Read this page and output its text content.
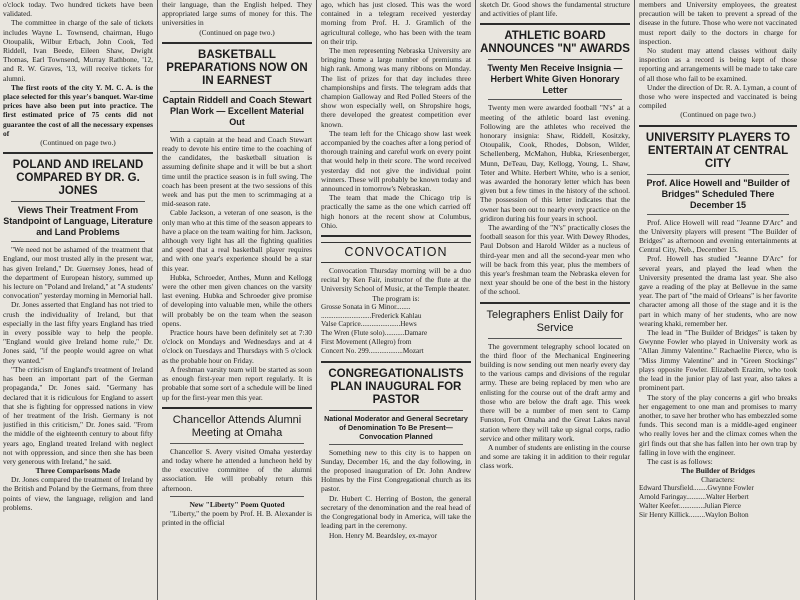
o'clock today. Two hundred tickets have been validated.

The committee in charge of the sale of tickets includes Wayne L. Townsend, chairman, Hugo Otoupalik, Wilbur Erbach, John Cook, Ted Riddell, Ivan Beede, Eileen Shaw, Dwight Thomas, Earl Townsend, Murray Rathbone, '12, and R. W. Graves, '13, will receive tickets for alumni.

The first roots of the city Y. M. C. A. is the place selected for this year's banquet. War-time prices have also been put into practice. The first estimated price of 75 cents did not guarantee the cost of all the necessary expenses of

(Continued on page two.)

POLAND AND IRELAND COMPARED BY DR. G. JONES
Views Their Treatment From Standpoint of Language, Literature and Land Problems

"We need not be ashamed of the treatment that England, our most trusted ally in the present war, has given Ireland," Dr. Guernsey Jones, head of the department of European history, summed up his lecture on "Poland and Ireland," at "A students' convocation" yesterday morning in Memorial hall.

Dr. Jones asserted that England has not tried to crush the individuality of Ireland, but that especially in the last fifty years England has tried in every possible way to help the people. "England would give Ireland home rule," Dr. Jones said, "if the people would agree on what they wanted."

"The criticism of England's treatment of Ireland has been an important part of the German propaganda," Dr. Jones said. "Germany has declared that it is ridiculous for England to assert that she is fighting for oppressed nations in view of her treatment of the Irish. Germany is not justified in this criticism," Dr. Jones said. "From the middle of the eighteenth century to about fifty years ago, England treated Ireland with neglect not with oppression, and since then she has been very generous with Ireland," he said.

Three Comparisons Made

Dr. Jones compared the treatment of Ireland by the British and Poland by the Germans, from three points of view, the language, religion and land problems.

their language, than the English helped. They appropriated large sums of money for this. The universities in

(Continued on page two.)

BASKETBALL PREPARATIONS NOW ON IN EARNEST
Captain Riddell and Coach Stewart Plan Work — Excellent Material Out

With a captain at the head and Coach Stewart ready to devote his entire time to the coaching of the candidates, the basketball situation is assuming definite shape and it will be but a short time until the practice season is in full swing. The coach has been present at the two sessions of this week and has put the men to scrimmaging at a mid-season rate.

Cable Jackson, a veteran of one season, is the only man who at this time of the season appears to have a place on the team waiting for him. Jackson, although very light has all the fighting qualities and speed that a real basketball player requires and with one year's experience should be a star this year.

Hubka, Schroeder, Anthes, Munn and Kellogg were the other men given chances on the varsity last evening. Hubka and Schroeder give promise of developing into valuable men, while the others will probably be on the team when the season opens.

Practice hours have been definitely set at 7:30 o'clock on Mondays and Wednesdays and at 4 o'clock on Tuesdays and Thursdays with 5 o'clock as the probable hour on Friday.

A freshman varsity team will be started as soon as enough first-year men report regularly. It is probable that some sort of a schedule will be lined up for the first-year men this year.

Chancellor Attends Alumni Meeting at Omaha

Chancellor S. Avery visited Omaha yesterday and today where he attended a luncheon held by the executive committee of the alumni association. He will probably return this afternoon.

New "Liberty" Poem Quoted

"Liberty," the poem by Prof. H. B. Alexander is printed in the official

ago, which has just closed. This was the word contained in a telegram received yesterday morning from Prof. H. J. Gramlich of the agricultural college, who has been with the team on their trip.

The men representing Nebraska University are bringing home a large number of premiums at high rank. Among was many ribbons on Monday. The list of prizes for that day includes three championships and firsts. The telegram adds that champion Galloway and Red Polled Steers of the show won especially well, on Shropshire hogs, there developed the greatest competition ever known.

The team left for the Chicago show last week accompanied by the coaches after a long period of thorough training and careful work on every point that would help in their score. The word received yesterday did not give the individual point winners. These will probably be known today and announced in tomorrow's Nebraskan.

The team that made the Chicago trip is practically the same as the one which carried off high honors at the recent show at Columbus, Ohio.

CONVOCATION

Convocation Thursday morning will be a duo recital by Ken Fair, instructor of the flute at the University School of Music, at the Temple theater.

The program is:
Grosse Sonata in G Minor........
............................Frederick Kahlau
Valse Caprice......................Hews
The Wren (Flute solo)...........Damare
First Movement (Allegro) from
Concert No. 299...................Mozart
CONGREGATIONALISTS PLAN INAUGURAL FOR PASTOR
National Moderator and General Secretary of Denomination To Be Present—Convocation Planned

Something new to this city is to happen on Sunday, December 16, and the day following, in the proposed inauguration of Dr. John Andrew Holmes by the First Congregational church as its pastor.

Dr. Hubert C. Herring of Boston, the general secretary of the denomination and the real head of the Congregational body in America, will take the leading part in the ceremony.

Hon. Henry M. Beardsley, ex-mayor

sketch Dr. Good shows the fundamental structure and activities of plant life.

ATHLETIC BOARD ANNOUNCES "N" AWARDS
Twenty Men Receive Insignia —Herbert White Given Honorary Letter

Twenty men were awarded football "N's" at a meeting of the athletic board last evening. Following are the athletes who received the honorary insignia: Shaw, Riddell, Kositzky, Otoupalik, Cook, Rhodes, Dobson, Wilder, Schellenberg, McMahon, Hubka, Kriesenberger, Munn, DeTeau, Day, Kellogg, Young, L. Shaw, Teter and White. Herbert White, who is a senior, was awarded the honorary letter which has been given but a few times in the history of the school. The possession of this letter indicates that the owner has been out to nearly every practice on the gridiron during his four years in school.

The awarding of the "N's" practically closes the football season for this year. With Dewey Rhodes, Paul Dobson and Harold Wilder as a nucleus of third-year men and all the second-year men who will be back from this year, plus the members of this year's freshman team the Nebraska eleven for next year should be one of the best in the history of the school.

Telegraphers Enlist Daily for Service

The government telegraphy school located on the third floor of the Mechanical Engineering building is now sending out men nearly every day to the various camps and divisions of the regular army. These are being replaced by men who are enlisting for the course out of the draft army and those who are below the draft age. This week there will be a number of men sent to Camp Funston, Fort Omaha and the Great Lakes naval station where they will take up signal corps, radio service and other military work.

A number of students are enlisting in the course and some are taking it in addition to their regular class work.

members and University employees, the greatest precaution will be taken to prevent a spread of the disease in the future. Those who were not vaccinated must report daily to the doctors in charge for inspection.

No student may attend classes without daily inspection as a record is being kept of those reporting and arrangements will be made to take care of all those who fail to be examined.

Under the direction of Dr. R. A. Lyman, a count of those who were inspected and vaccinated is being compiled

(Continued on page two.)

UNIVERSITY PLAYERS TO ENTERTAIN AT CENTRAL CITY
Prof. Alice Howell and "Builder of Bridges" Scheduled There December 15

Prof. Alice Howell will read "Jeanne D'Arc" and the University players will present "The Builder of Bridges" as afternoon and evening entertainments at Central City, Neb., December 15.

Prof. Howell has studied "Jeanne D'Arc" for several years, and played the lead when the University presented the drama last year. She also gave a reading of the play at Bellevue in the same year. The part of "the maid of Orleans" is her favorite character among all those of the stage and it is the part in which many of her students, who are now wearing khaki, remember her.

The lead in "The Builder of Bridges" is taken by Gwynne Fowler who played in University work as "Allan Jimmy Valentine." Rachaelite Pierce, who is "Miss Jimmy Valentine" and in "Green Stockings" plays opposite Fowler. Elizabeth Erazim, who took the lead in the junior play of last year, also takes a prominent part.

The story of the play concerns a girl who breaks her engagement to one man and promises to marry another, to save her brother who has embezzled some funds. This second man is a middle-aged engineer who really loves her and the climax comes when the girl finds out that she has fallen into her own trap by falling in love with the engineer.

The cast is as follows:
The Builder of Bridges
Characters:
Edward Thursfield........Gwynne Fowler
Arnold Faringay...........Walter Herbert
Walter Keefer..............Julian Pierce
Sir Henry Killick.........Waylon Bolton
